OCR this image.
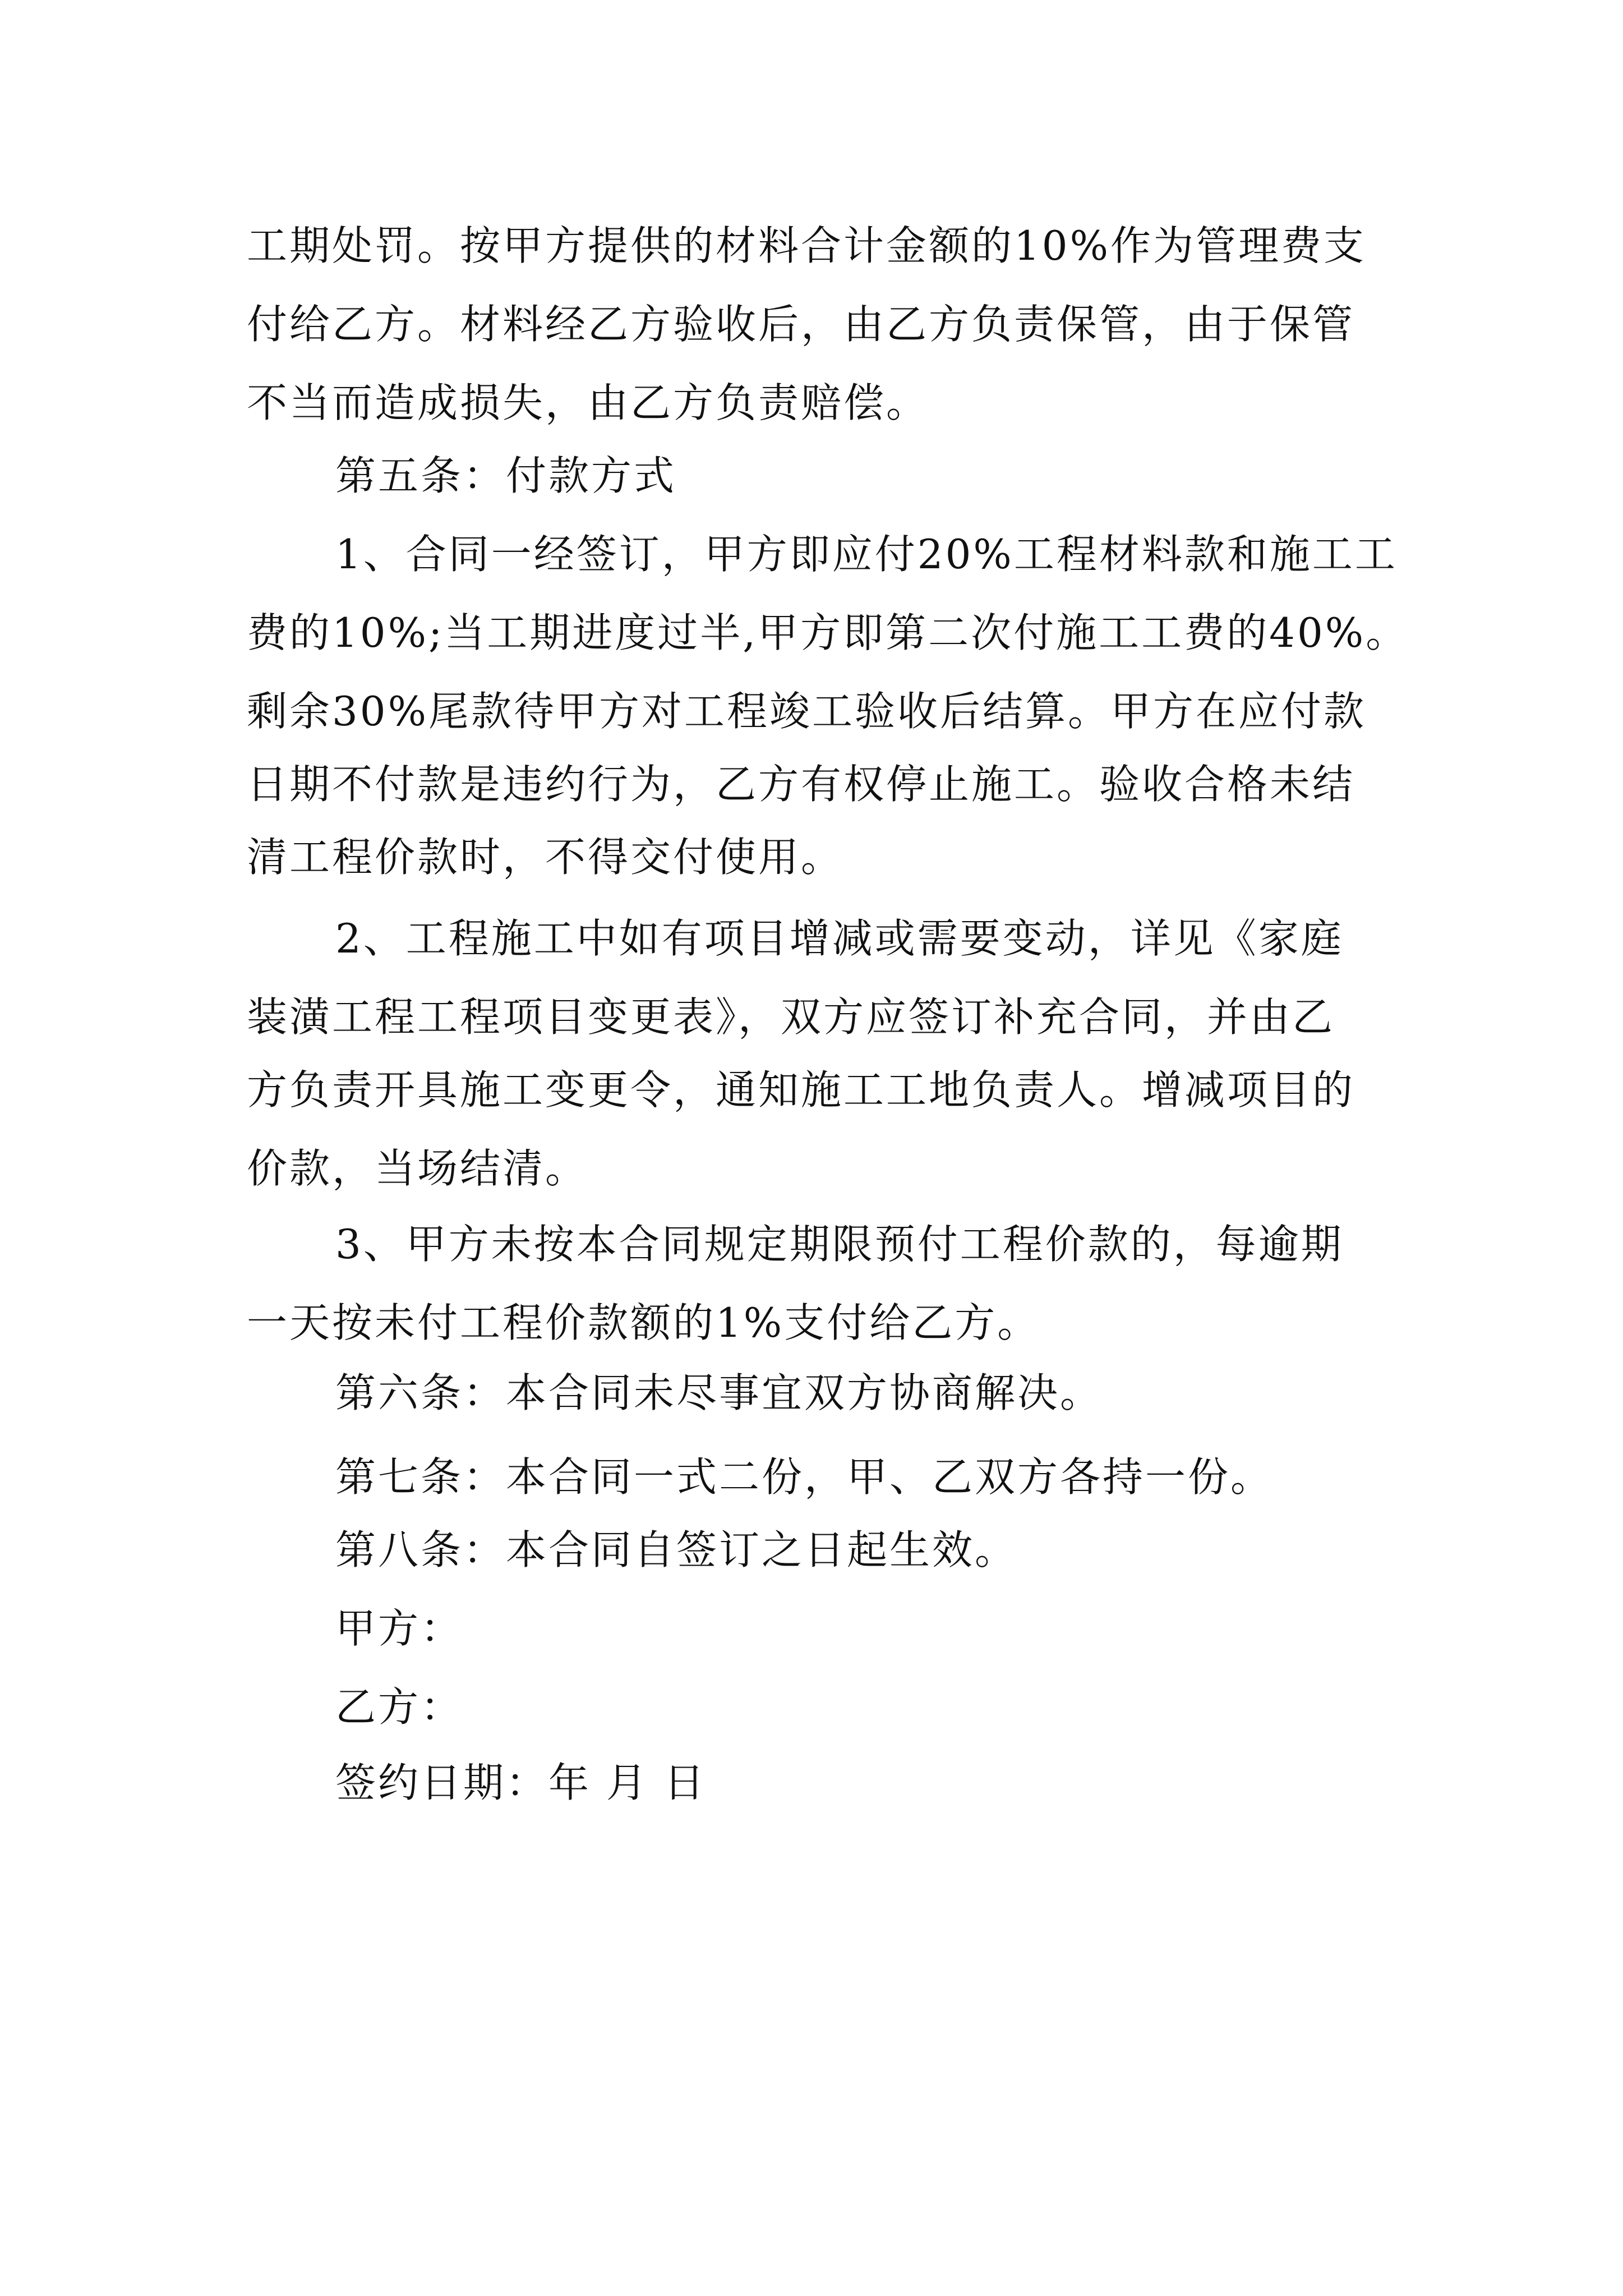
工期处罚。按甲方提供的材料合计金额的10%作为管理费支
付给乙方。材料经乙方验收后，由乙方负责保管，由于保管
不当而造成损失，由乙方负责赔偿。
第五条：付款方式
1、合同一经签订，甲方即应付20%工程材料款和施工工
费的10%;当工期进度过半,甲方即第二次付施工工费的40%。
剩余30%尾款待甲方对工程竣工验收后结算。甲方在应付款
日期不付款是违约行为，乙方有权停止施工。验收合格未结
清工程价款时，不得交付使用。
2、工程施工中如有项目增减或需要变动，详见《家庭
装潢工程工程项目变更表》，双方应签订补充合同，并由乙
方负责开具施工变更令，通知施工工地负责人。增减项目的
价款，当场结清。
3、甲方未按本合同规定期限预付工程价款的，每逾期
一天按未付工程价款额的1%支付给乙方。
第六条：本合同未尽事宜双方协商解决。
第七条：本合同一式二份，甲、乙双方各持一份。
第八条：本合同自签订之日起生效。
甲方：
乙方：
签约日期：年 月 日
